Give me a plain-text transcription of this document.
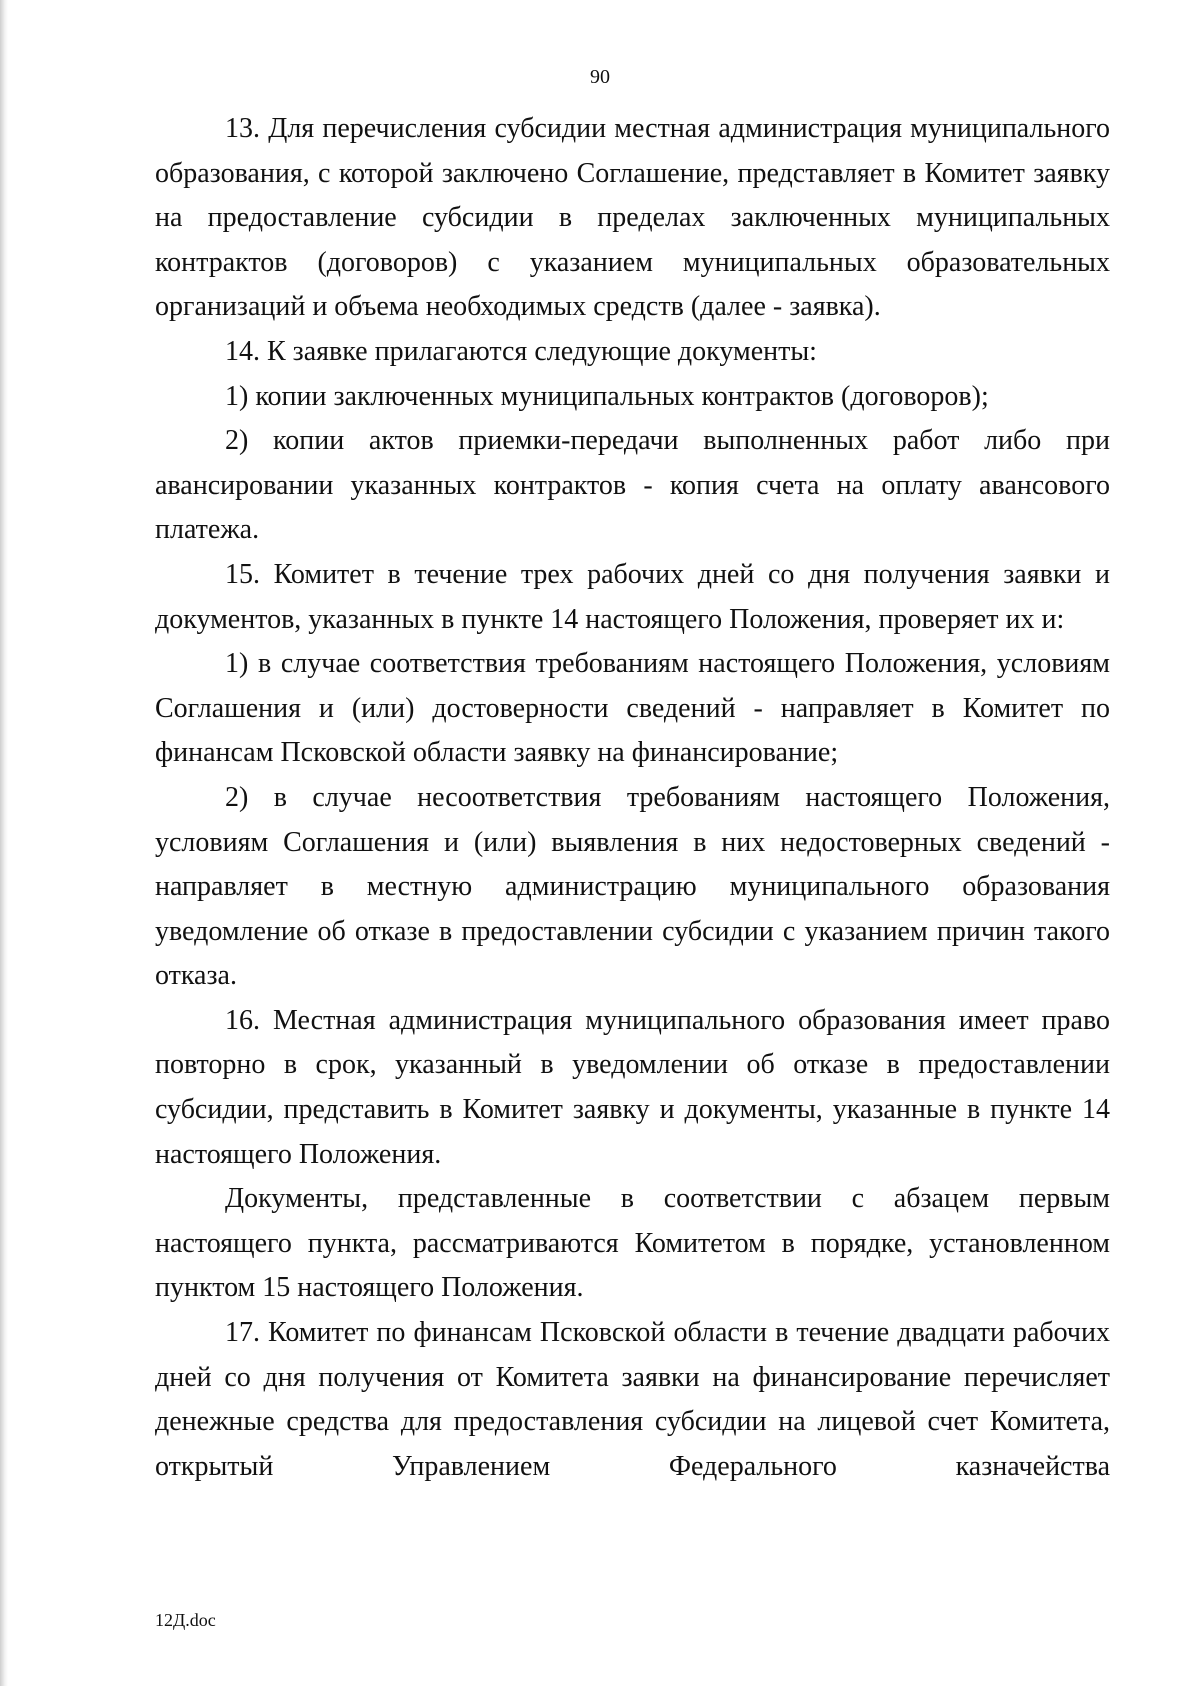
90

13. Для перечисления субсидии местная администрация муниципального образования, с которой заключено Соглашение, представляет в Комитет заявку на предоставление субсидии в пределах заключенных муниципальных контрактов (договоров) с указанием муниципальных образовательных организаций и объема необходимых средств (далее - заявка).

14. К заявке прилагаются следующие документы:

1) копии заключенных муниципальных контрактов (договоров);

2) копии актов приемки-передачи выполненных работ либо при авансировании указанных контрактов - копия счета на оплату авансового платежа.

15. Комитет в течение трех рабочих дней со дня получения заявки и документов, указанных в пункте 14 настоящего Положения, проверяет их и:

1) в случае соответствия требованиям настоящего Положения, условиям Соглашения и (или) достоверности сведений - направляет в Комитет по финансам Псковской области заявку на финансирование;

2) в случае несоответствия требованиям настоящего Положения, условиям Соглашения и (или) выявления в них недостоверных сведений - направляет в местную администрацию муниципального образования уведомление об отказе в предоставлении субсидии с указанием причин такого отказа.

16. Местная администрация муниципального образования имеет право повторно в срок, указанный в уведомлении об отказе в предоставлении субсидии, представить в Комитет заявку и документы, указанные в пункте 14 настоящего Положения.

Документы, представленные в соответствии с абзацем первым настоящего пункта, рассматриваются Комитетом в порядке, установленном пунктом 15 настоящего Положения.

17. Комитет по финансам Псковской области в течение двадцати рабочих дней со дня получения от Комитета заявки на финансирование перечисляет денежные средства для предоставления субсидии на лицевой счет Комитета, открытый Управлением Федерального казначейства

12Д.doc
